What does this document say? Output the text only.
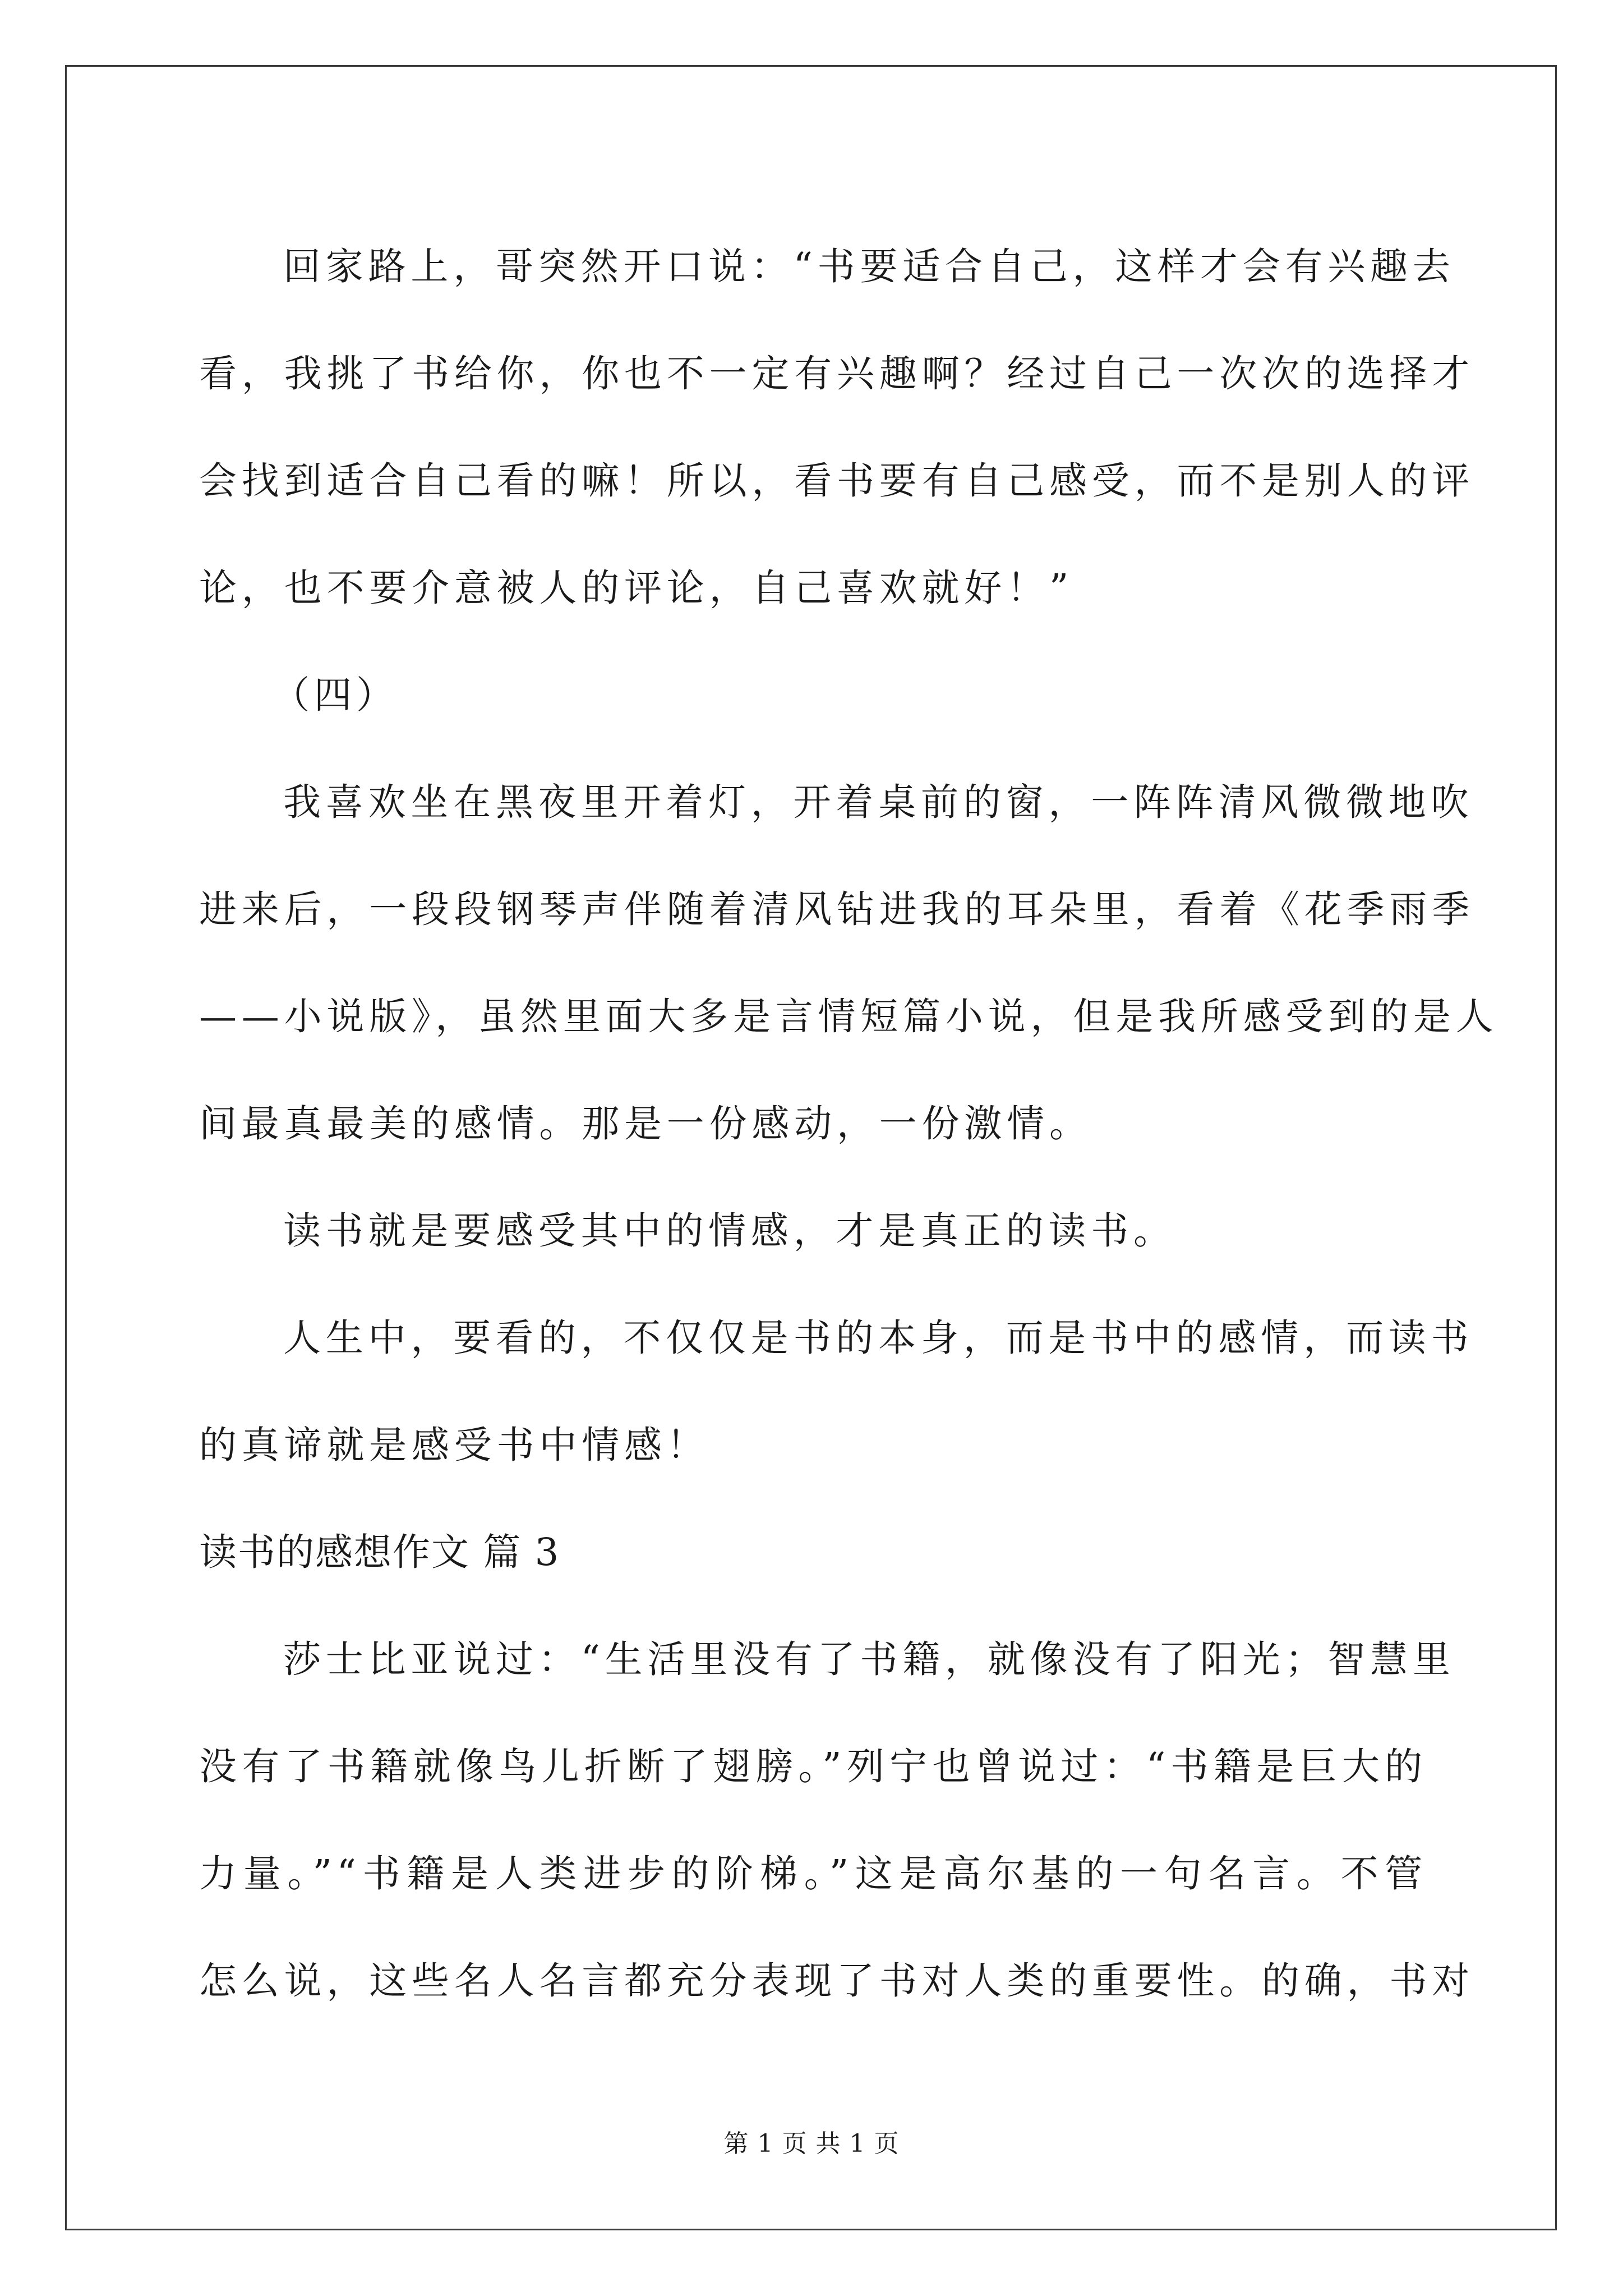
回家路上，哥突然开口说：“书要适合自己，这样才会有兴趣去
看，我挑了书给你，你也不一定有兴趣啊？经过自己一次次的选择才
会找到适合自己看的嘛！所以，看书要有自己感受，而不是别人的评
论，也不要介意被人的评论，自己喜欢就好！”
（四）
我喜欢坐在黑夜里开着灯，开着桌前的窗，一阵阵清风微微地吹
进来后，一段段钢琴声伴随着清风钻进我的耳朵里，看着《花季雨季
——小说版》，虽然里面大多是言情短篇小说，但是我所感受到的是人
间最真最美的感情。那是一份感动，一份激情。
读书就是要感受其中的情感，才是真正的读书。
人生中，要看的，不仅仅是书的本身，而是书中的感情，而读书
的真谛就是感受书中情感！
读书的感想作文 篇 3
莎士比亚说过：“生活里没有了书籍，就像没有了阳光；智慧里
没有了书籍就像鸟儿折断了翅膀。”列宁也曾说过：“书籍是巨大的
力量。”“书籍是人类进步的阶梯。”这是高尔基的一句名言。不管
怎么说，这些名人名言都充分表现了书对人类的重要性。的确，书对
第 1 页 共 1 页
